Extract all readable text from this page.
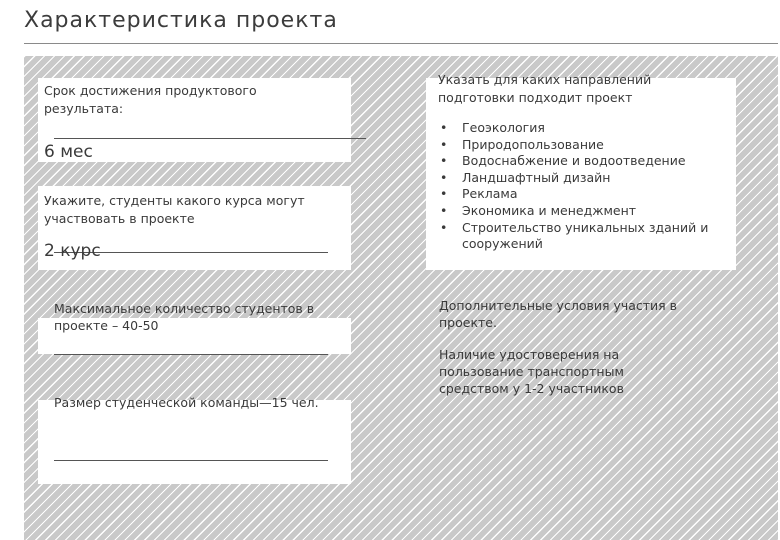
Характеристика проекта
Срок достижения продуктового результата:
6 мес
Укажите, студенты какого курса могут участвовать в проекте
2 курс
Максимальное количество студентов в проекте – 40-50
Размер студенческой команды—15 чел.
Указать для каких направлений подготовки подходит проект
• Геоэкология
• Природопользование
• Водоснабжение и водоотведение
• Ландшафтный дизайн
• Реклама
• Экономика и менеджмент
• Строительство уникальных зданий и сооружений
Дополнительные условия участия в проекте.
Наличие удостоверения на пользование транспортным средством у 1-2 участников
